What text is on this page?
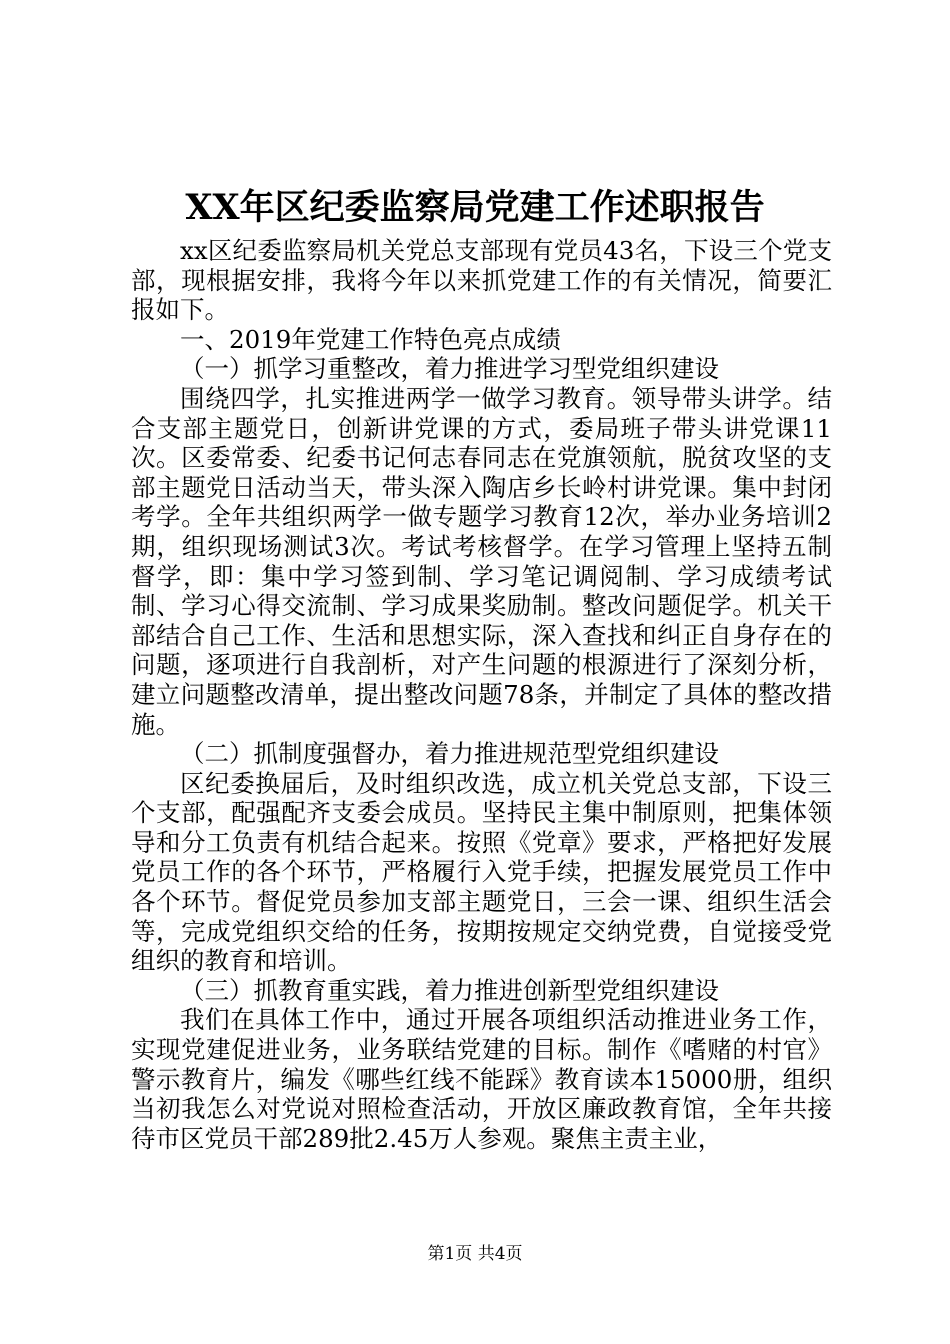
XX年区纪委监察局党建工作述职报告

xx区纪委监察局机关党总支部现有党员43名，下设三个党支部，现根据安排，我将今年以来抓党建工作的有关情况，简要汇报如下。

一、2019年党建工作特色亮点成绩

（一）抓学习重整改，着力推进学习型党组织建设

围绕四学，扎实推进两学一做学习教育。领导带头讲学。结合支部主题党日，创新讲党课的方式，委局班子带头讲党课11次。区委常委、纪委书记何志春同志在党旗领航，脱贫攻坚的支部主题党日活动当天，带头深入陶店乡长岭村讲党课。集中封闭考学。全年共组织两学一做专题学习教育12次，举办业务培训2期，组织现场测试3次。考试考核督学。在学习管理上坚持五制督学，即：集中学习签到制、学习笔记调阅制、学习成绩考试制、学习心得交流制、学习成果奖励制。整改问题促学。机关干部结合自己工作、生活和思想实际，深入查找和纠正自身存在的问题，逐项进行自我剖析，对产生问题的根源进行了深刻分析，建立问题整改清单，提出整改问题78条，并制定了具体的整改措施。

（二）抓制度强督办，着力推进规范型党组织建设

区纪委换届后，及时组织改选，成立机关党总支部，下设三个支部，配强配齐支委会成员。坚持民主集中制原则，把集体领导和分工负责有机结合起来。按照《党章》要求，严格把好发展党员工作的各个环节，严格履行入党手续，把握发展党员工作中各个环节。督促党员参加支部主题党日，三会一课、组织生活会等，完成党组织交给的任务，按期按规定交纳党费，自觉接受党组织的教育和培训。

（三）抓教育重实践，着力推进创新型党组织建设

我们在具体工作中，通过开展各项组织活动推进业务工作，实现党建促进业务，业务联结党建的目标。制作《嗜赌的村官》警示教育片，编发《哪些红线不能踩》教育读本15000册，组织当初我怎么对党说对照检查活动，开放区廉政教育馆，全年共接待市区党员干部289批2.45万人参观。聚焦主责主业，

第1页 共4页
